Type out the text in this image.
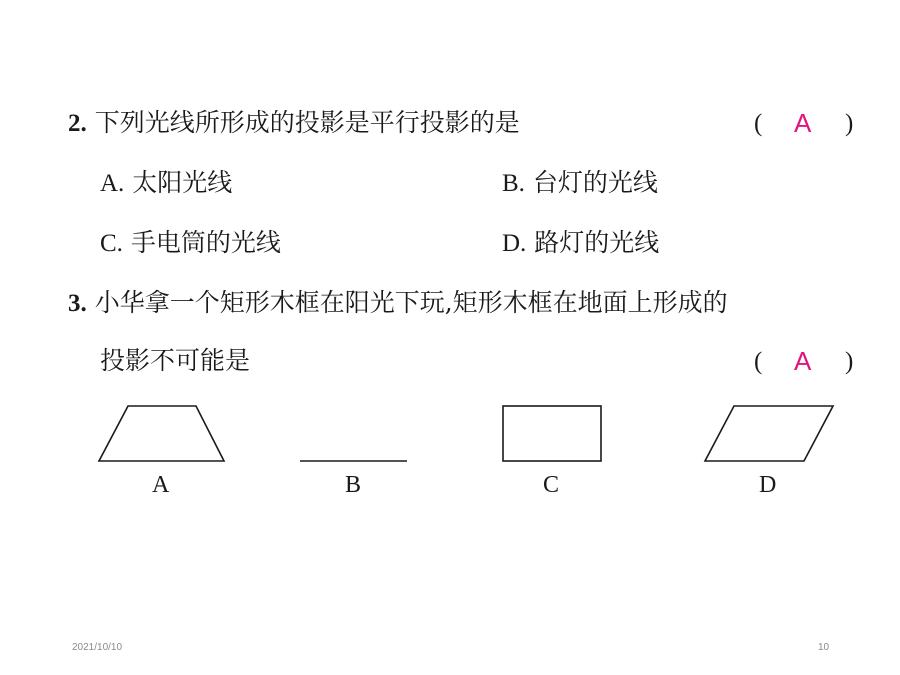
2. 下列光线所形成的投影是平行投影的是	( A )
A. 太阳光线	B. 台灯的光线
C. 手电筒的光线	D. 路灯的光线
3. 小华拿一个矩形木框在阳光下玩,矩形木框在地面上形成的
投影不可能是	( A )
A	B	C	D
2021/10/10	10
